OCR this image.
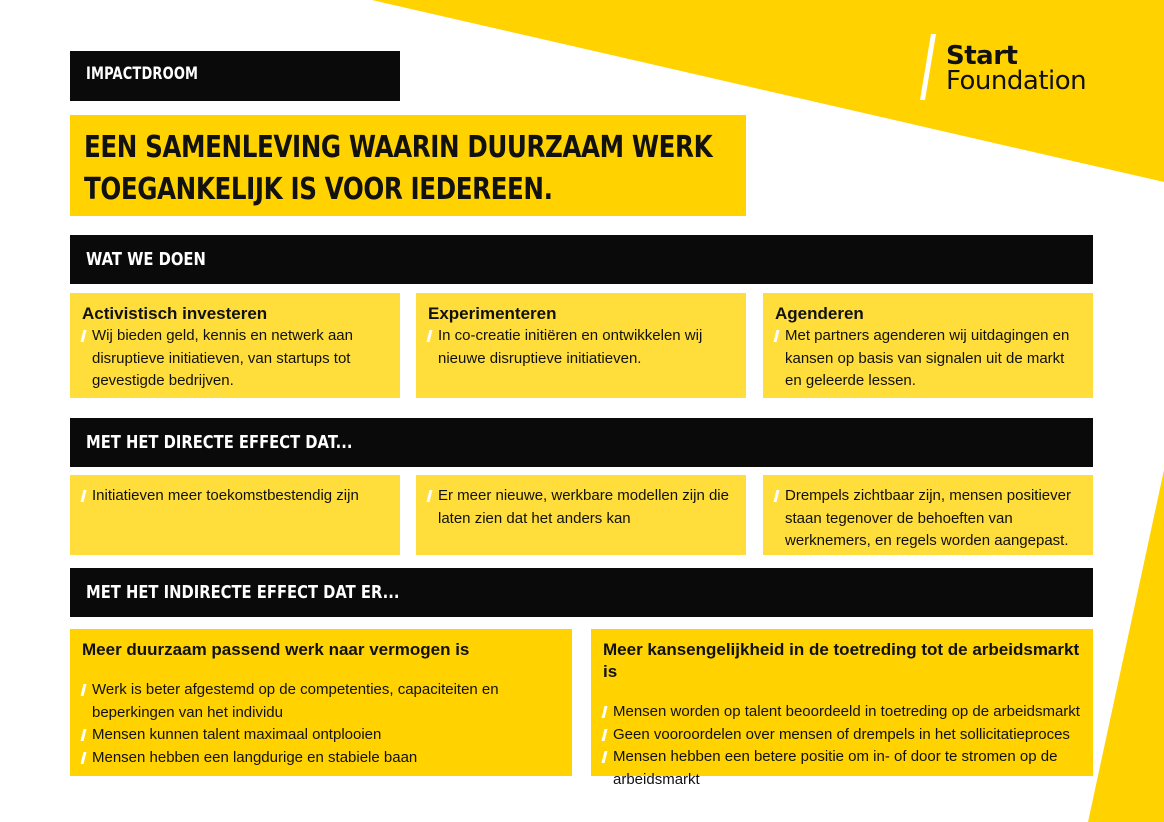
Start
Foundation
IMPACTDROOM
EEN SAMENLEVING WAARIN DUURZAAM WERK
TOEGANKELIJK IS VOOR IEDEREEN.
WAT WE DOEN
Activistisch investeren
Wij bieden geld, kennis en netwerk aan
disruptieve initiatieven, van startups tot
gevestigde bedrijven.
Experimenteren
In co-creatie initiëren en ontwikkelen wij
nieuwe disruptieve initiatieven.
Agenderen
Met partners agenderen wij uitdagingen en
kansen op basis van signalen uit de markt
en geleerde lessen.
MET HET DIRECTE EFFECT DAT...
Initiatieven meer toekomstbestendig zijn	Er meer nieuwe, werkbare modellen zijn die
laten zien dat het anders kan
Drempels zichtbaar zijn, mensen positiever
staan tegenover de behoeften van
werknemers, en regels worden aangepast.
MET HET INDIRECTE EFFECT DAT ER...
Meer duurzaam passend werk naar vermogen is
Werk is beter afgestemd op de competenties, capaciteiten en
beperkingen van het individu
Mensen kunnen talent maximaal ontplooien
Mensen hebben een langdurige en stabiele baan
Meer kansengelijkheid in de toetreding tot de arbeidsmarkt is
Mensen worden op talent beoordeeld in toetreding op de arbeidsmarkt
Geen vooroordelen over mensen of drempels in het sollicitatieproces
Mensen hebben een betere positie om in- of door te stromen op de
arbeidsmarkt
